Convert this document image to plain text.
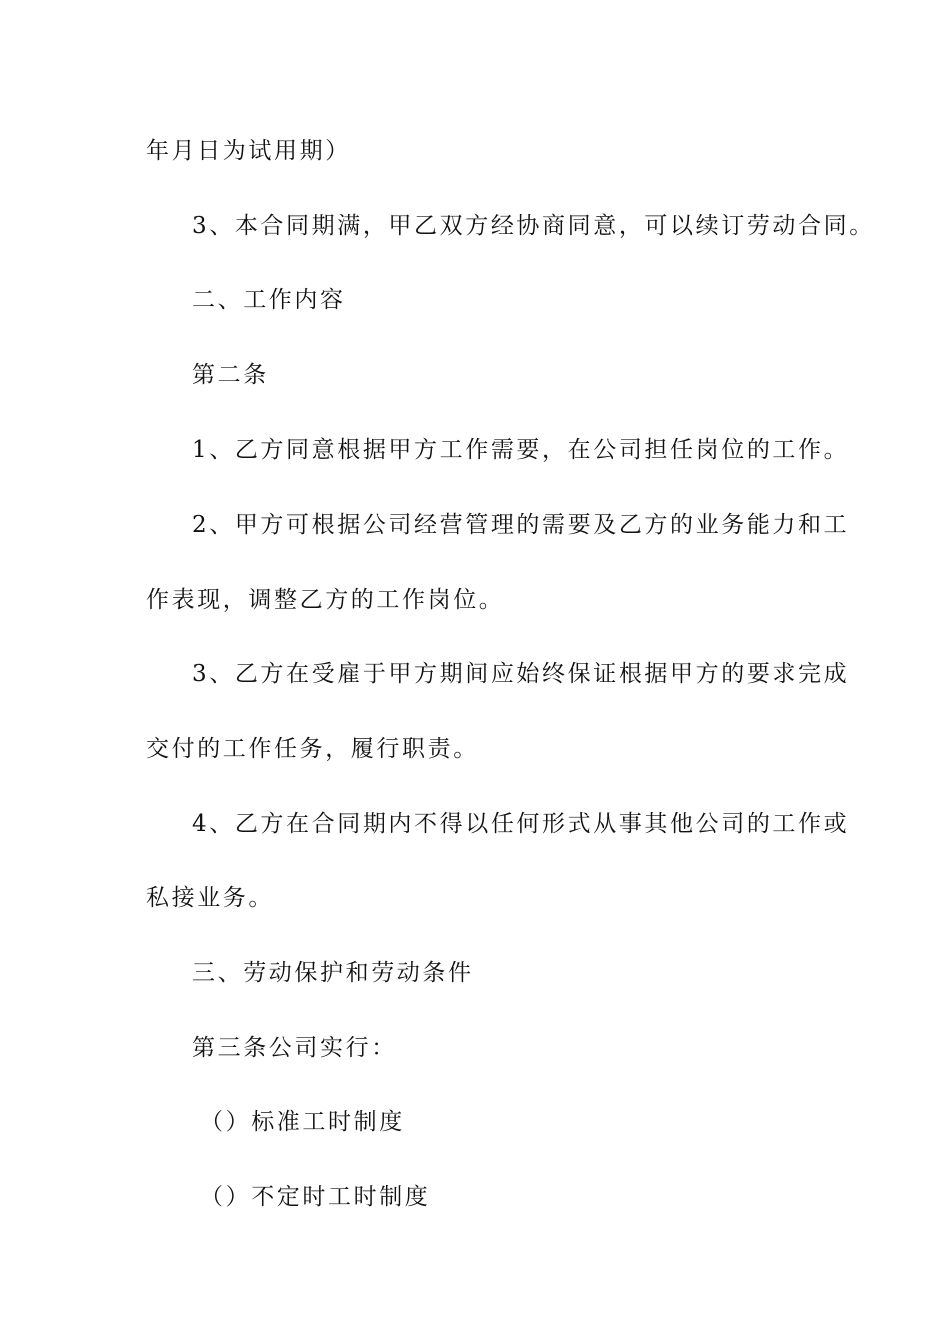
年月日为试用期）

3、本合同期满，甲乙双方经协商同意，可以续订劳动合同。

二、工作内容

第二条

1、乙方同意根据甲方工作需要，在公司担任岗位的工作。

2、甲方可根据公司经营管理的需要及乙方的业务能力和工

作表现，调整乙方的工作岗位。

3、乙方在受雇于甲方期间应始终保证根据甲方的要求完成

交付的工作任务，履行职责。

4、乙方在合同期内不得以任何形式从事其他公司的工作或

私接业务。

三、劳动保护和劳动条件

第三条公司实行：

（）标准工时制度

（）不定时工时制度
